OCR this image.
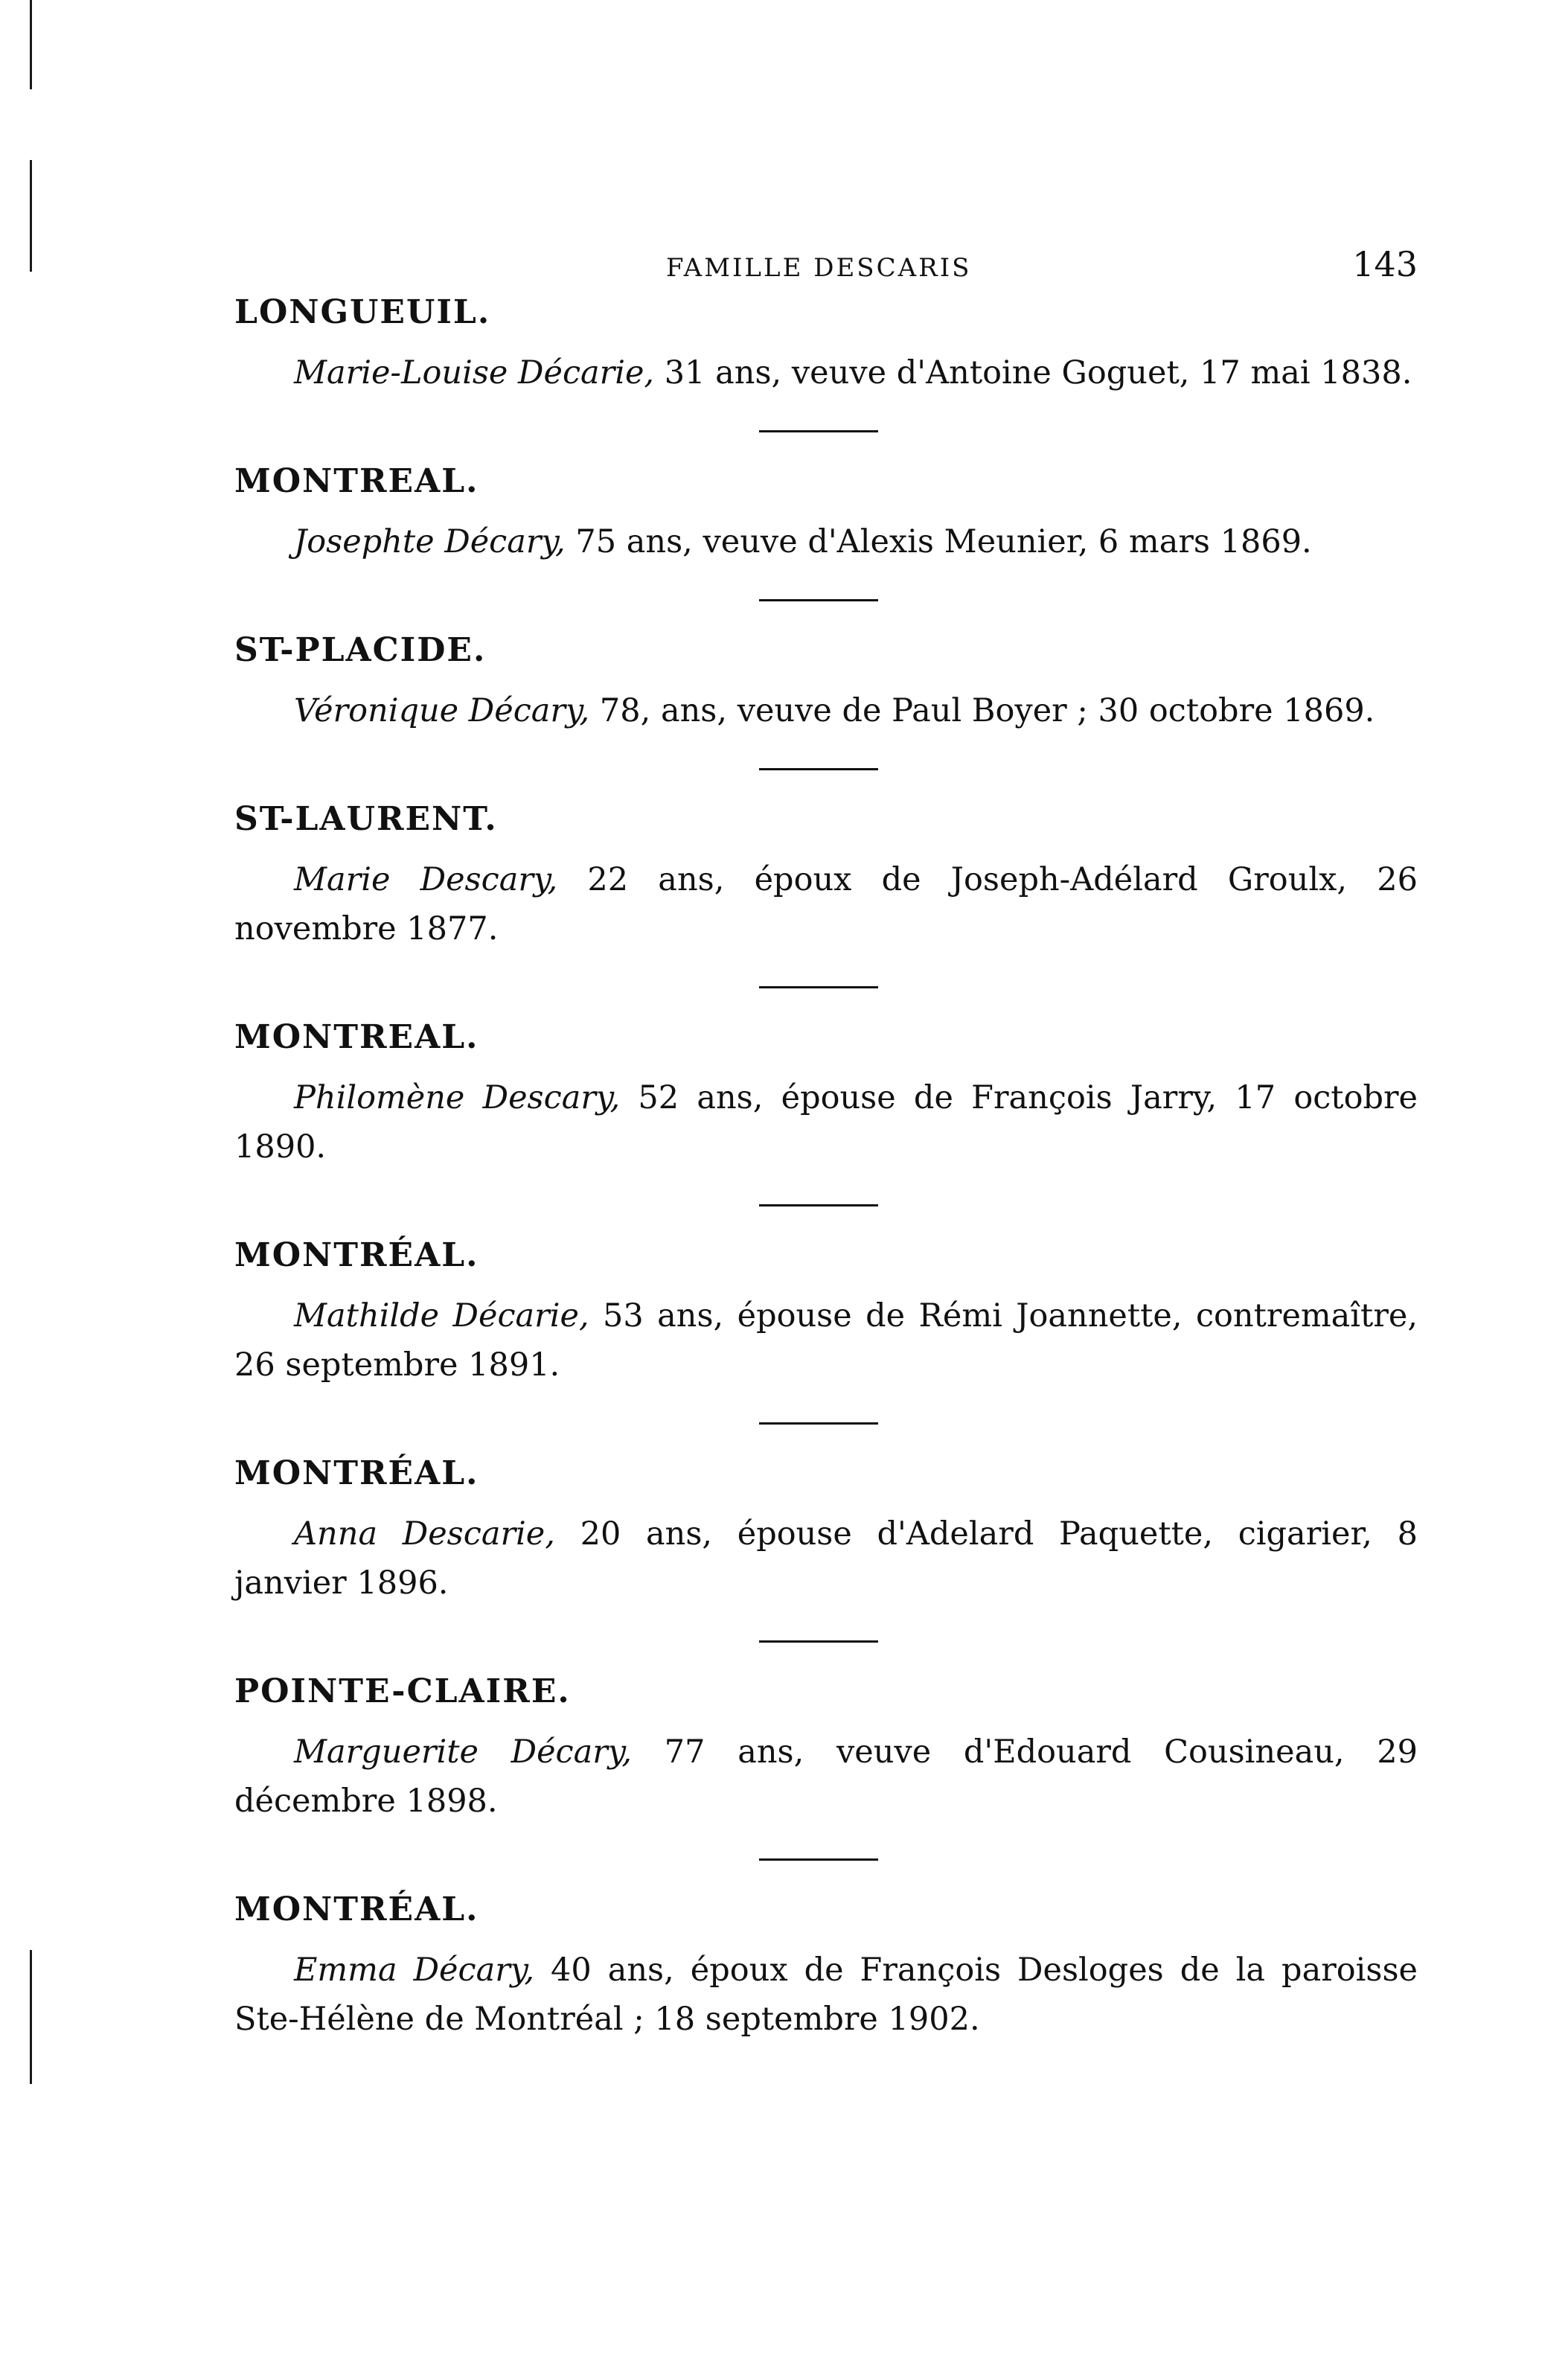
FAMILLE DESCARIS	143
LONGUEUIL.

Marie-Louise Décarie, 31 ans, veuve d'Antoine Goguet, 17 mai 1838.

MONTREAL.

Josephte Décary, 75 ans, veuve d'Alexis Meunier, 6 mars 1869.

ST-PLACIDE.

Véronique Décary, 78, ans, veuve de Paul Boyer ; 30 octobre 1869.

ST-LAURENT.

Marie Descary, 22 ans, époux de Joseph-Adélard Groulx, 26 novembre 1877.

MONTREAL.

Philomène Descary, 52 ans, épouse de François Jarry, 17 octobre 1890.

MONTRÉAL.

Mathilde Décarie, 53 ans, épouse de Rémi Joannette, contremaître, 26 septembre 1891.

MONTRÉAL.

Anna Descarie, 20 ans, épouse d'Adelard Paquette, cigarier, 8 janvier 1896.

POINTE-CLAIRE.

Marguerite Décary, 77 ans, veuve d'Edouard Cousineau, 29 décembre 1898.

MONTRÉAL.

Emma Décary, 40 ans, époux de François Desloges de la paroisse Ste-Hélène de Montréal ; 18 septembre 1902.
